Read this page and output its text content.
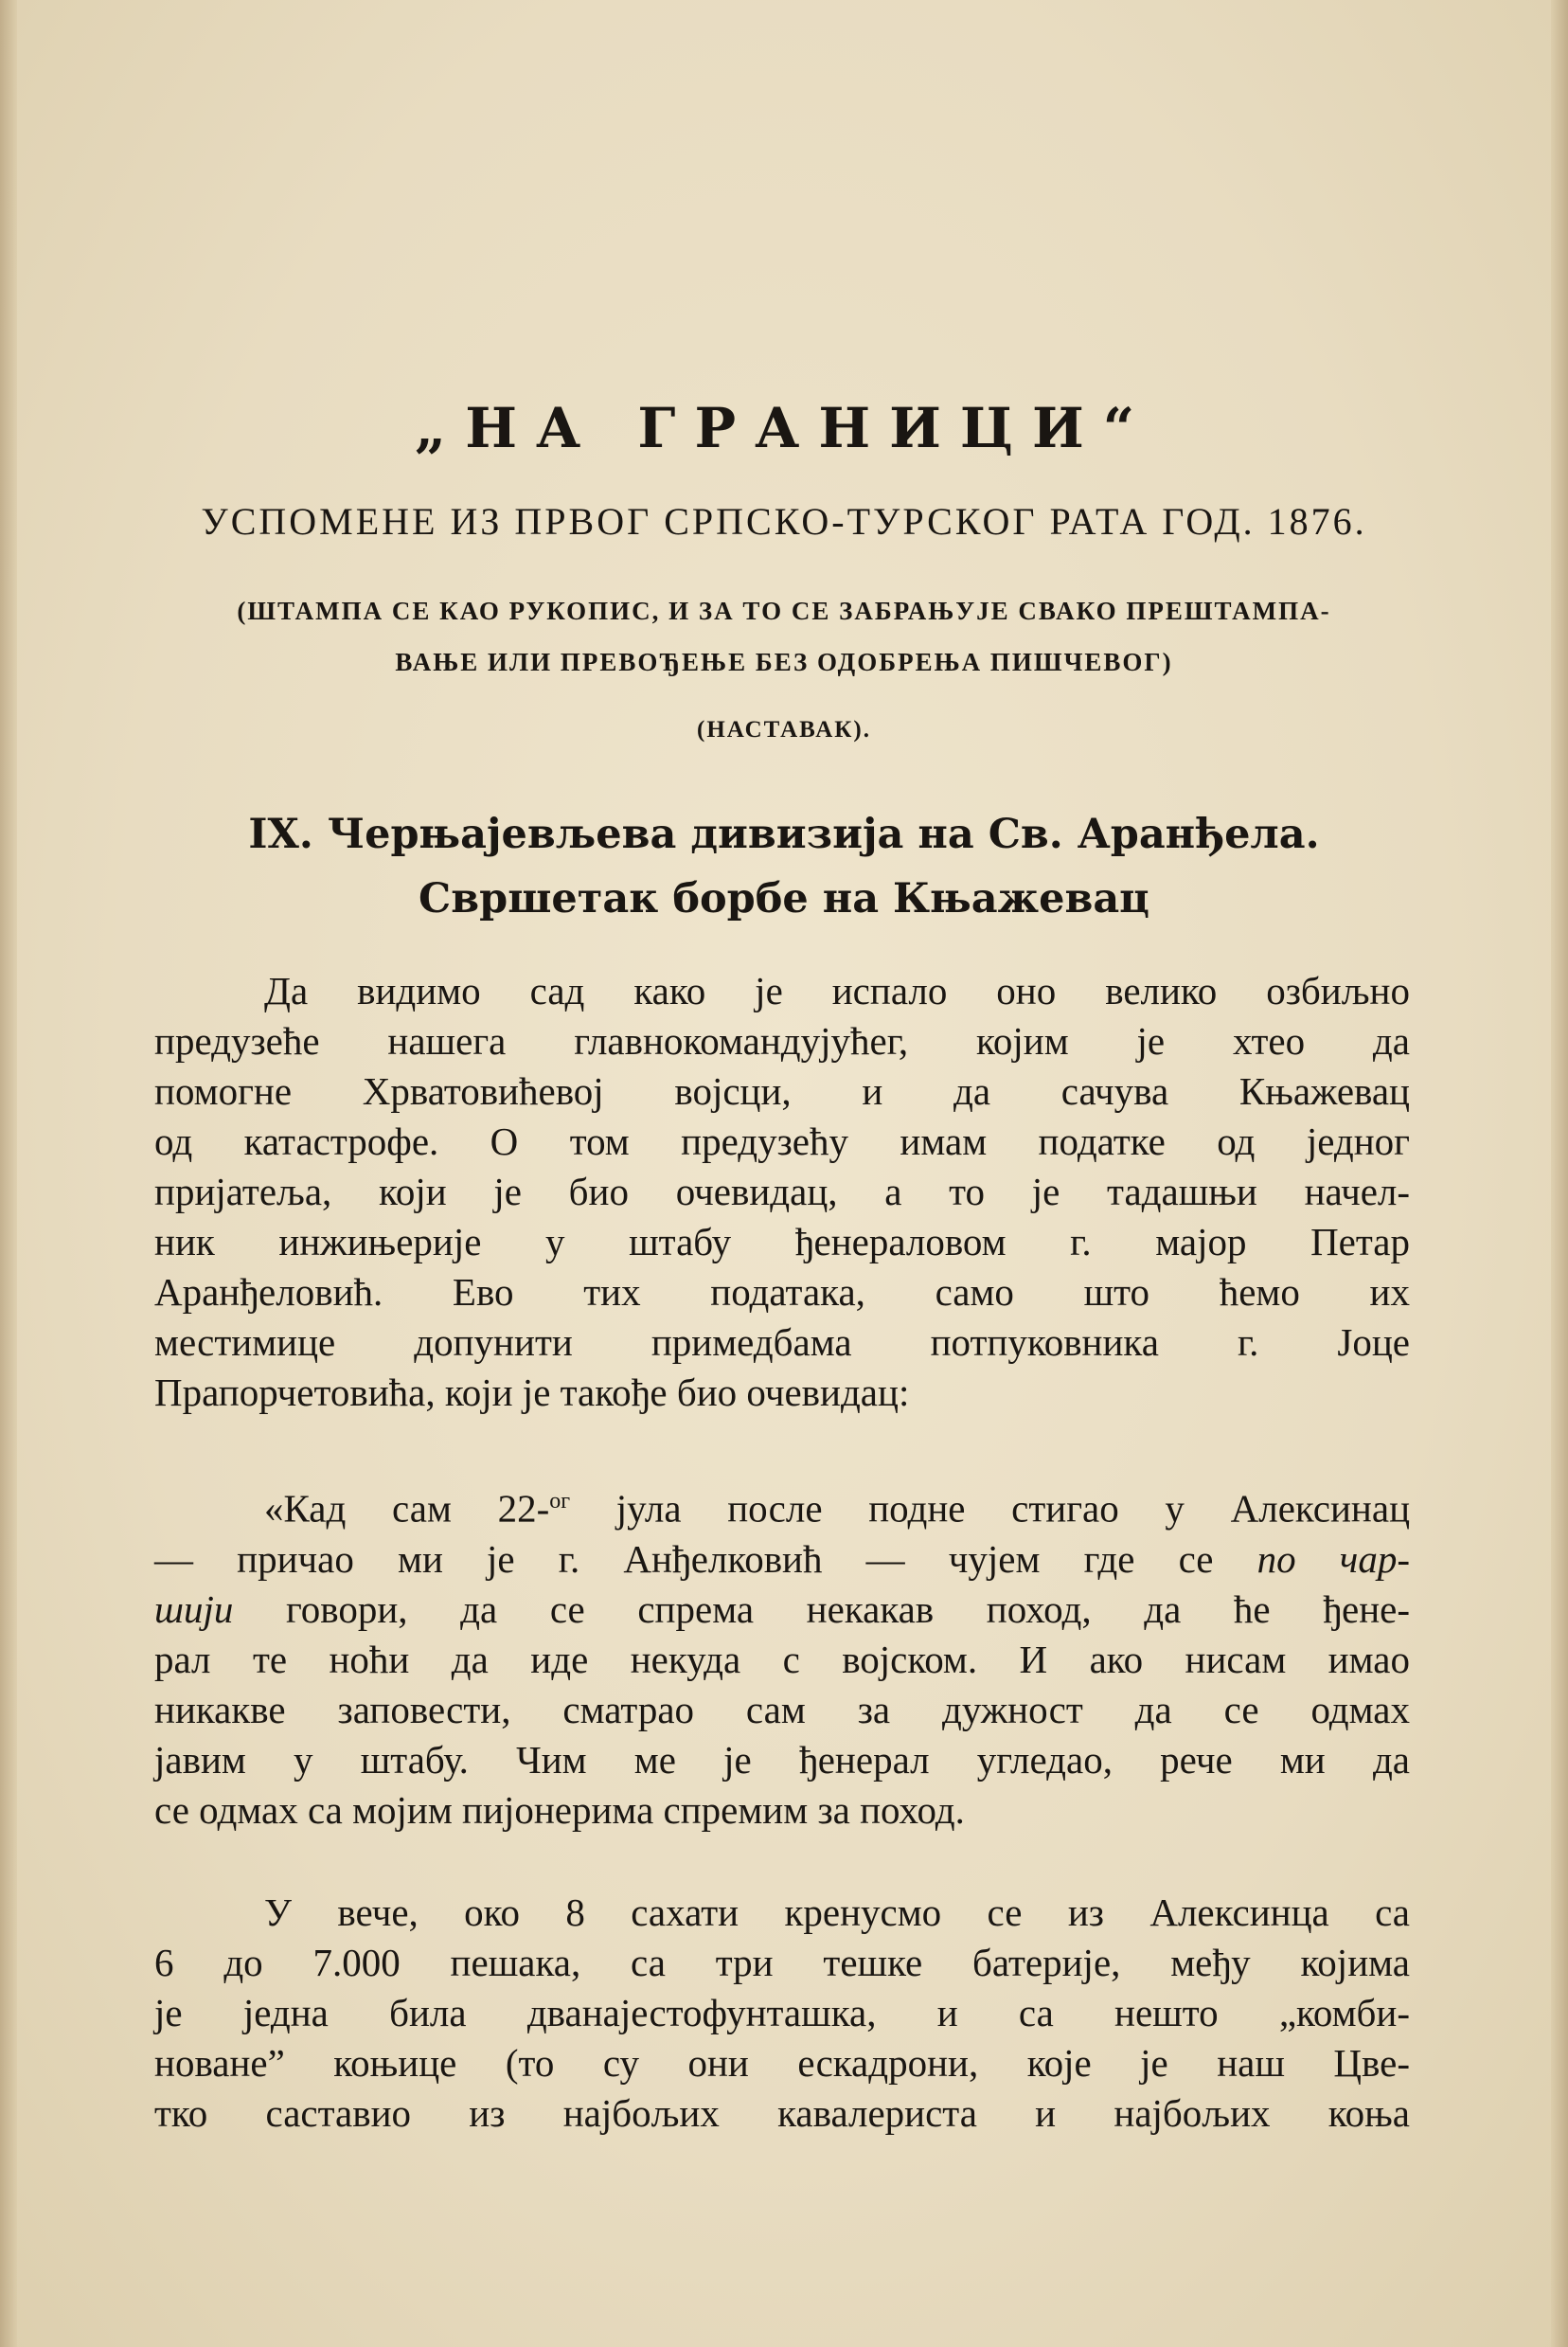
„НА ГРАНИЦИ“
УСПОМЕНЕ ИЗ ПРВОГ СРПСКО-ТУРСКОГ РАТА ГОД. 1876.
(ШТАМПА СЕ КАО РУКОПИС, И ЗА ТО СЕ ЗАБРАЊУЈЕ СВАКО ПРЕШТАМПА-
ВАЊЕ ИЛИ ПРЕВОЂЕЊЕ БЕЗ ОДОБРЕЊА ПИШЧЕВОГ)
(НАСТАВАК).
IX. Черњајевљева дивизија на Св. Аранђела.
Свршетак борбе на Књажевац
Да видимо сад како је испало оно велико озбиљно
предузеће нашега главнокомандујућег, којим је хтео да
помогне Хрватовићевој војсци, и да сачува Књажевац
од катастрофе. О том предузећу имам податке од једног
пријатеља, који је био очевидац, а то је тадашњи начел-
ник инжињерије у штабу ђенераловом г. мајор Петар
Аранђеловић. Ево тих података, само што ћемо их
местимице допунити примедбама потпуковника г. Јоце
Прапорчетовића, који је такође био очевидац:
«Кад сам 22-$^{ог}$ јула после подне стигао у Алексинац
— причао ми је г. Анђелковић — чујем где се по чар-
шији говори, да се спрема некакав поход, да ће ђене-
рал те ноћи да иде некуда с војском. И ако нисам имао
никакве заповести, сматрао сам за дужност да се одмах
јавим у штабу. Чим ме је ђенерал угледао, рече ми да
се одмах са мојим пијонерима спремим за поход.
У вече, око 8 сахати кренусмо се из Алексинца са
6 до 7.000 пешака, са три тешке батерије, међу којима
је једна била дванајестофунташка, и са нешто „комби-
новане” коњице (то су они ескадрони, које је наш Цве-
тко саставио из најбољих кавалериста и најбољих коња
